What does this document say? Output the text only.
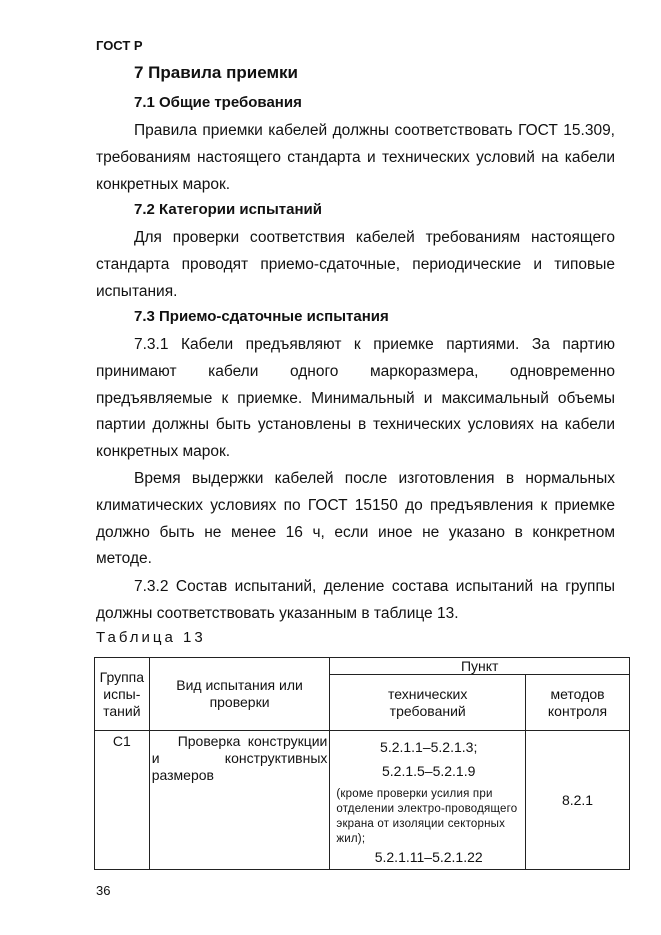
ГОСТ Р
7 Правила приемки
7.1 Общие требования

Правила приемки кабелей должны соответствовать ГОСТ 15.309, требованиям настоящего стандарта и технических условий на кабели конкретных марок.

7.2 Категории испытаний

Для проверки соответствия кабелей требованиям настоящего стандарта проводят приемо-сдаточные, периодические и типовые испытания.

7.3 Приемо-сдаточные испытания

7.3.1 Кабели предъявляют к приемке партиями. За партию принимают кабели одного маркоразмера, одновременно предъявляемые к приемке. Минимальный и максимальный объемы партии должны быть установлены в технических условиях на кабели конкретных марок.

Время выдержки кабелей после изготовления в нормальных климатических условиях по ГОСТ 15150 до предъявления к приемке должно быть не менее 16 ч, если иное не указано в конкретном методе.

7.3.2 Состав испытаний, деление состава испытаний на группы должны соответствовать указанным в таблице 13.

Таблица 13
Группа испы-таний	Вид испытания или проверки	Пункт	
		технических требований	методов контроля
С1	Проверка конструкции и конструктивных размеров	5.2.1.1–5.2.1.3;
5.2.1.5–5.2.1.9
(кроме проверки усилия при отделении электро-проводящего экрана от изоляции секторных жил);
5.2.1.11–5.2.1.22	8.2.1
36
